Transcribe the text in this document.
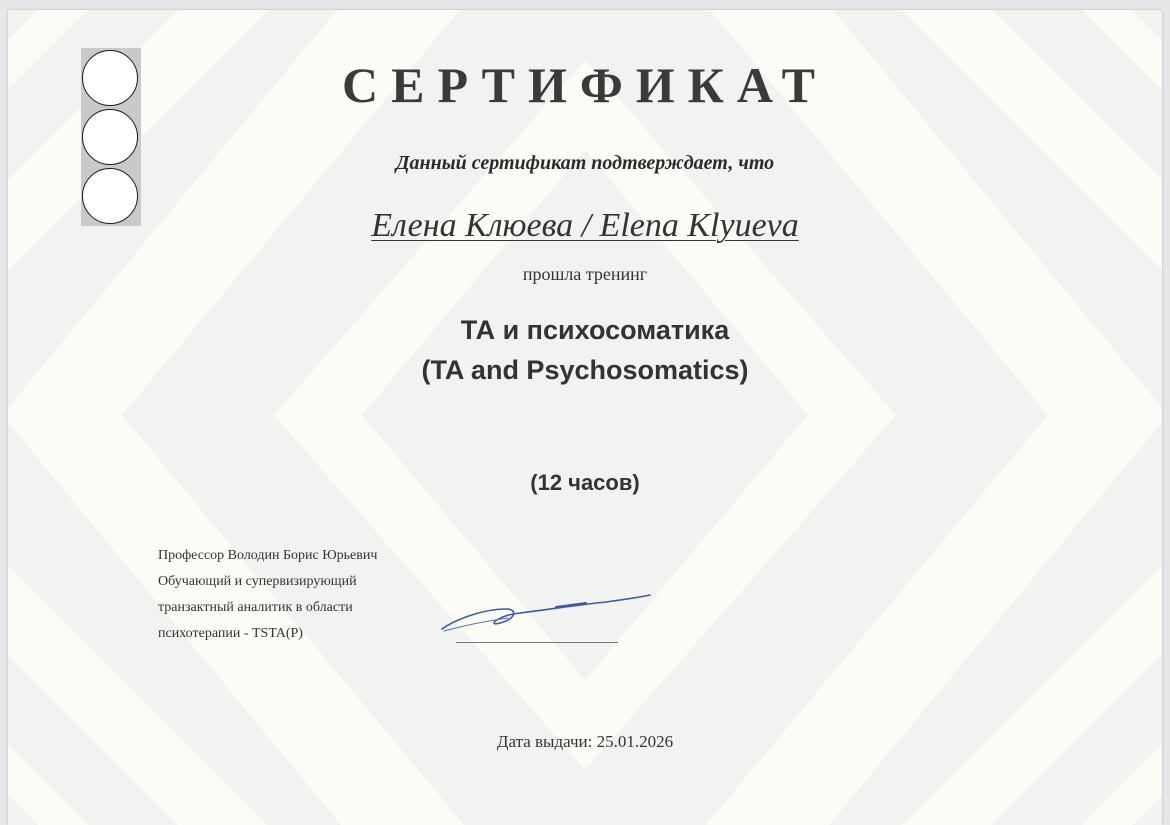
СЕРТИФИКАТ
Данный сертификат подтверждает, что
Елена Клюева / Elena Klyueva
прошла тренинг
ТА и психосоматика
(TA and Psychosomatics)
(12 часов)
Профессор Володин Борис Юрьевич
Обучающий и супервизирующий
транзактный аналитик в области
психотерапии - TSTA(P)
Дата выдачи: 25.01.2026
